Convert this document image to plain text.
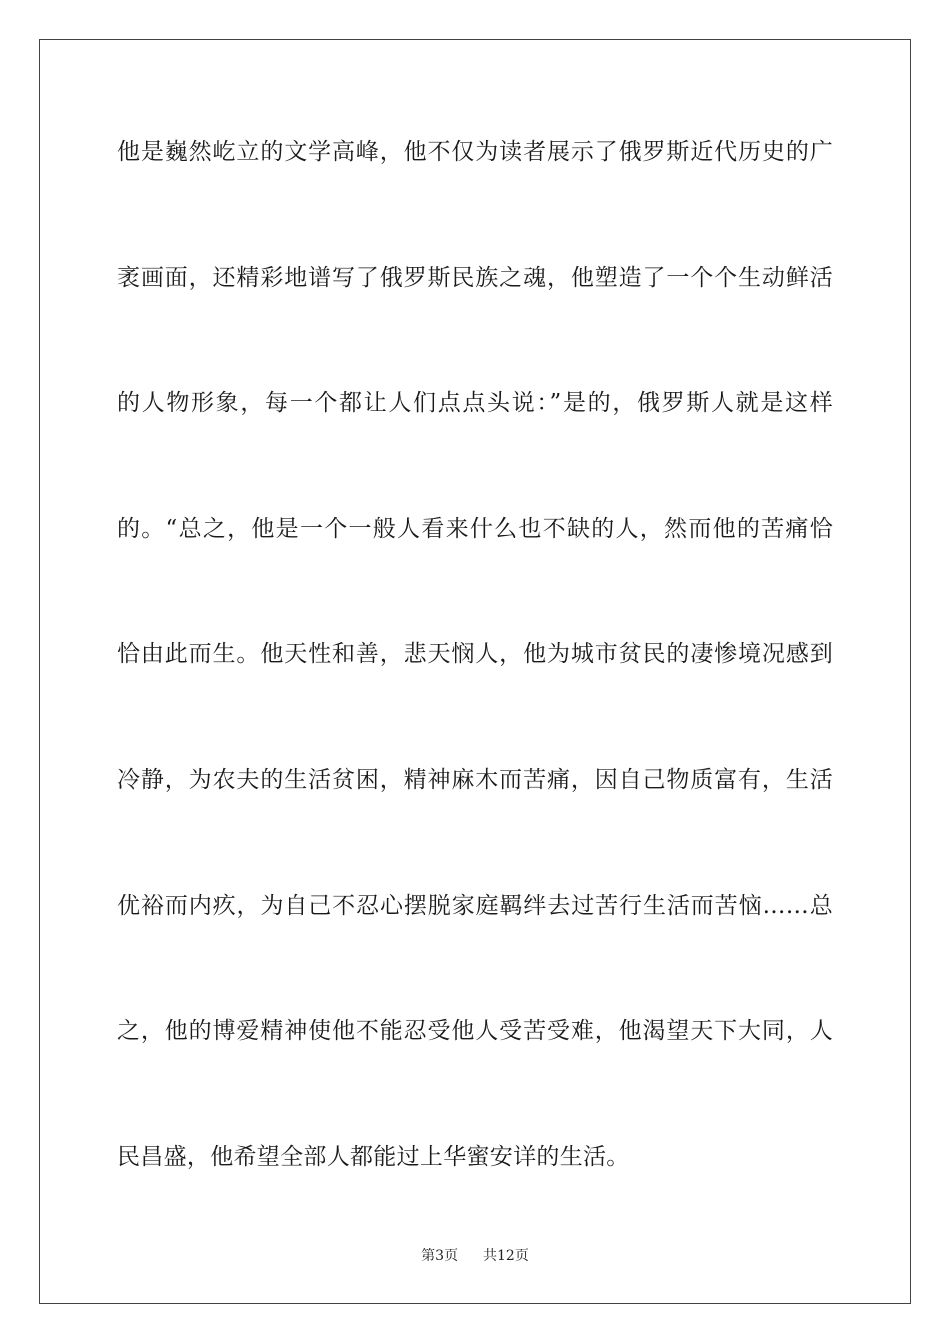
他是巍然屹立的文学高峰，他不仅为读者展示了俄罗斯近代历史的广
袤画面，还精彩地谱写了俄罗斯民族之魂，他塑造了一个个生动鲜活
的人物形象，每一个都让人们点点头说：”是的，俄罗斯人就是这样
的。“总之，他是一个一般人看来什么也不缺的人，然而他的苦痛恰
恰由此而生。他天性和善，悲天悯人，他为城市贫民的凄惨境况感到
冷静，为农夫的生活贫困，精神麻木而苦痛，因自己物质富有，生活
优裕而内疚，为自己不忍心摆脱家庭羁绊去过苦行生活而苦恼……总
之，他的博爱精神使他不能忍受他人受苦受难，他渴望天下大同，人
民昌盛，他希望全部人都能过上华蜜安详的生活。
第3页 共12页
